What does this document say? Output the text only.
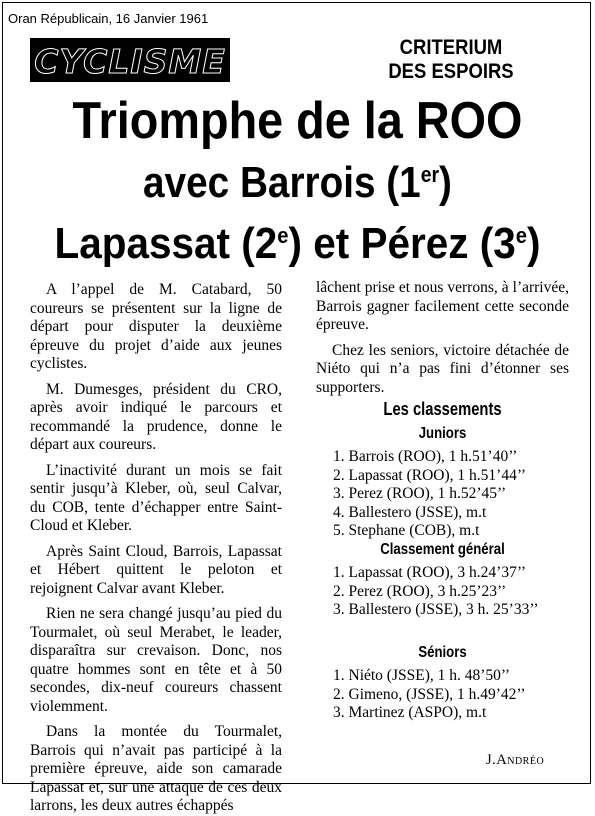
Oran Républicain, 16 Janvier 1961
CYCLISME	CRITERIUM
DES ESPOIRS
Triomphe de la ROO
avec Barrois (1er)
Lapassat (2e) et Pérez (3e)

A l’appel de M. Catabard, 50 coureurs se présentent sur la ligne de départ pour disputer la deuxième épreuve du projet d’aide aux jeunes cyclistes.

M. Dumesges, président du CRO, après avoir indiqué le parcours et recommandé la prudence, donne le départ aux coureurs.

L’inactivité durant un mois se fait sentir jusqu’à Kleber, où, seul Calvar, du COB, tente d’échapper entre Saint-Cloud et Kleber.

Après Saint Cloud, Barrois, Lapassat et Hébert quittent le peloton et rejoignent Calvar avant Kleber.

Rien ne sera changé jusqu’au pied du Tourmalet, où seul Merabet, le leader, disparaîtra sur crevaison. Donc, nos quatre hommes sont en tête et à 50 secondes, dix-neuf coureurs chassent violemment.

Dans la montée du Tourmalet, Barrois qui n’avait pas participé à la première épreuve, aide son camarade Lapassat et, sur une attaque de ces deux larrons, les deux autres échappés

lâchent prise et nous verrons, à l’arrivée, Barrois gagner facilement cette seconde épreuve.

Chez les seniors, victoire détachée de Niéto qui n’a pas fini d’étonner ses supporters.

Les classements
Juniors
1. Barrois (ROO), 1 h.51’40’’
2. Lapassat (ROO), 1 h.51’44’’
3. Perez (ROO), 1 h.52’45’’
4. Ballestero (JSSE), m.t
5. Stephane (COB), m.t
Classement général
1. Lapassat (ROO), 3 h.24’37’’
2. Perez (ROO), 3 h.25’23’’
3. Ballestero (JSSE), 3 h. 25’33’’
Séniors
1. Niéto (JSSE), 1 h. 48’50’’
2. Gimeno, (JSSE), 1 h.49’42’’
3. Martinez (ASPO), m.t
J.Andréo
